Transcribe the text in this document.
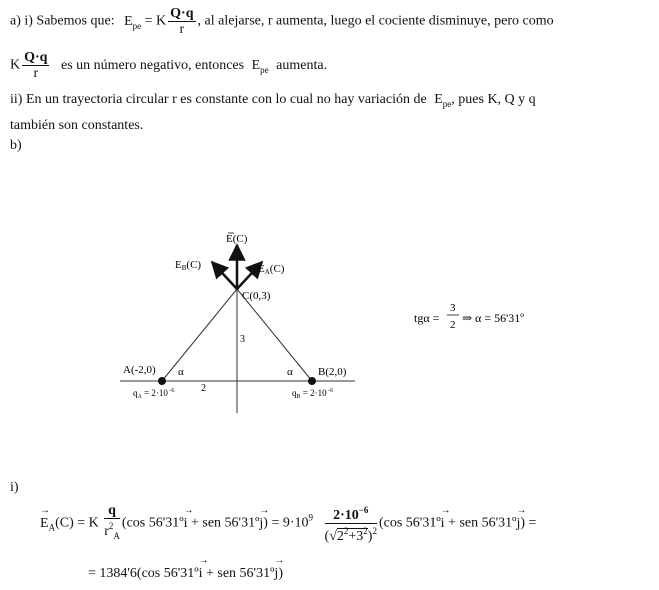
a) i) Sabemos que: $E_{pe} = K \frac{Q\cdot q}{r}$ , al alejarse, r aumenta, luego el cociente disminuye, pero como
K $\frac{Q\cdot q}{r}$ es un número negativo, entonces $E_{pe}$ aumenta.
ii) En un trayectoria circular r es constante con lo cual no hay variación de $E_{pe}$, pues K, Q y q
también son constantes.
b)
E(C)
EB(C)	EA(C)
C(0,3)
3
A(-2,0) α	α B(2,0)
2
$q_A = 2\cdot 10$ $^{-6}$	$q_B = 2\cdot 10$ $^{-6}$
tgα =
3
2 ⇒ α = 56'31º
i)
→ $E_A(C) = K \frac{q}{r^2_A} (\cos$ 56'31º→ i + sen 56'31º→ $j) = 9\cdot 10^9 \frac{2\cdot 10^{-6}}{(√2^2+3^2)^2} (\cos$ 56'31º→ i + sen 56'31º→ j) =
= 1384'6(cos 56'31º→ i + sen 56'31º→ j)
